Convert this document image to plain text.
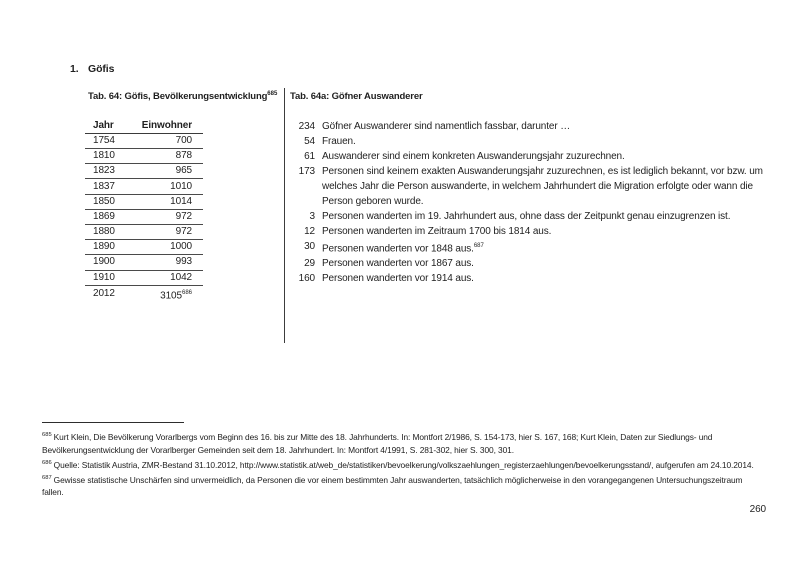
1. Göfis
Tab. 64: Göfis, Bevölkerungsentwicklung$^{685}$
Jahr	Einwohner
1754	700
1810	878
1823	965
1837	1010
1850	1014
1869	972
1880	972
1890	1000
1900	993
1910	1042
2012	3105$^{686}$
Tab. 64a: Göfner Auswanderer
234 Göfner Auswanderer sind namentlich fassbar, darunter …
54 Frauen.
61 Auswanderer sind einem konkreten Auswanderungsjahr zuzurechnen.
173 Personen sind keinem exakten Auswanderungsjahr zuzurechnen, es ist lediglich bekannt, vor bzw. um welches Jahr die Person auswanderte, in welchem Jahrhundert die Migration erfolgte oder wann die Person geboren wurde.
3 Personen wanderten im 19. Jahrhundert aus, ohne dass der Zeitpunkt genau einzugrenzen ist.
12 Personen wanderten im Zeitraum 1700 bis 1814 aus.
30 Personen wanderten vor 1848 aus.$^{687}$
29 Personen wanderten vor 1867 aus.
160 Personen wanderten vor 1914 aus.
$^{685}$ Kurt Klein, Die Bevölkerung Vorarlbergs vom Beginn des 16. bis zur Mitte des 18. Jahrhunderts. In: Montfort 2/1986, S. 154-173, hier S. 167, 168; Kurt Klein, Daten zur Siedlungs- und Bevölkerungsentwicklung der Vorarlberger Gemeinden seit dem 18. Jahrhundert. In: Montfort 4/1991, S. 281-302, hier S. 300, 301.
$^{686}$ Quelle: Statistik Austria, ZMR-Bestand 31.10.2012, http://www.statistik.at/web_de/statistiken/bevoelkerung/volkszaehlungen_registerzaehlungen/bevoelkerungsstand/, aufgerufen am 24.10.2014.
$^{687}$ Gewisse statistische Unschärfen sind unvermeidlich, da Personen die vor einem bestimmten Jahr auswanderten, tatsächlich möglicherweise in den vorangegangenen Untersuchungszeitraum fallen.
260
